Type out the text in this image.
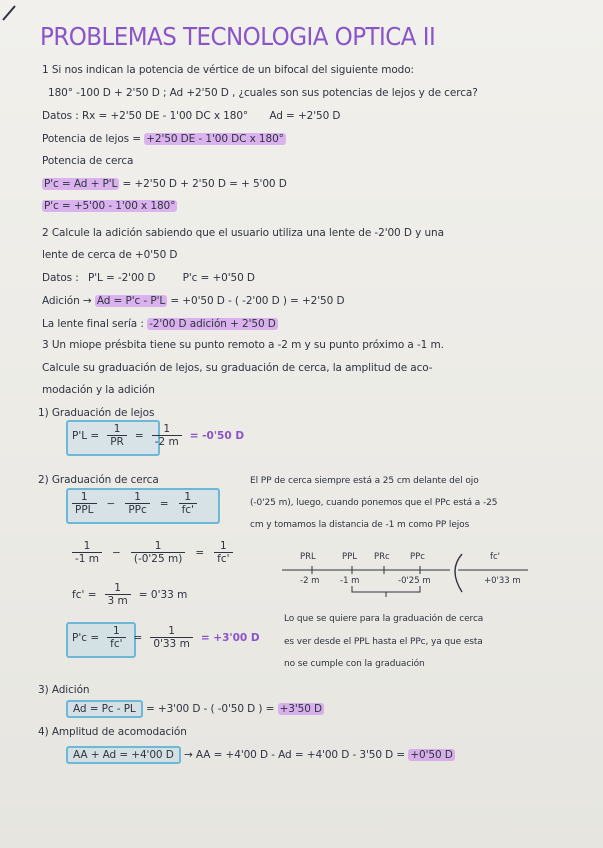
PROBLEMAS TECNOLOGIA OPTICA II
1 Si nos indican la potencia de vértice de un bifocal del siguiente modo:
180° -100 D + 2'50 D ; Ad +2'50 D , ¿cuales son sus potencias de lejos y de cerca?
Datos : Rx = +2'50 DE - 1'00 DC x 180° Ad = +2'50 D
Potencia de lejos = +2'50 DE - 1'00 DC x 180°
Potencia de cerca
P'c = Ad + P'L = +2'50 D + 2'50 D = + 5'00 D
P'c = +5'00 - 1'00 x 180°
2 Calcule la adición sabiendo que el usuario utiliza una lente de -2'00 D y una
lente de cerca de +0'50 D
Datos : P'L = -2'00 D	P'c = +0'50 D
Adición → Ad = P'c - P'L = +0'50 D - ( -2'00 D ) = +2'50 D
La lente final sería : -2'00 D adición + 2'50 D
3 Un miope présbita tiene su punto remoto a -2 m y su punto próximo a -1 m.
Calcule su graduación de lejos, su graduación de cerca, la amplitud de aco-
modación y la adición
1) Graduación de lejos
$P'L = \frac{1}{PR} = \frac{1}{-2 m} = -0'50$ D
2) Graduación de cerca
1
PPL
−
1
PPc
= $\frac{1}{fc'}$
$\frac{1}{-1 m} - \frac{1}{(-0'25 m)} = \frac{1}{fc'}$
$fc' = \frac{1}{3 m} = 0'33$ m
$P'c = \frac{1}{fc'} = \frac{1}{0'33 m} = +3'00$ D
El PP de cerca siempre está a 25 cm delante del ojo
(-0'25 m), luego, cuando ponemos que el PPc está a -25
cm y tomamos la distancia de -1 m como PP lejos
PRL	PPL PRc PPc	fc'
-2 m -1 m	-0'25 m	+0'33 m
Lo que se quiere para la graduación de cerca
es ver desde el PPL hasta el PPc, ya que esta
no se cumple con la graduación
3) Adición
Ad = Pc - PL = +3'00 D - ( -0'50 D ) = +3'50 D
4) Amplitud de acomodación
AA + Ad = +4'00 D → AA = +4'00 D - Ad = +4'00 D - 3'50 D = +0'50 D
